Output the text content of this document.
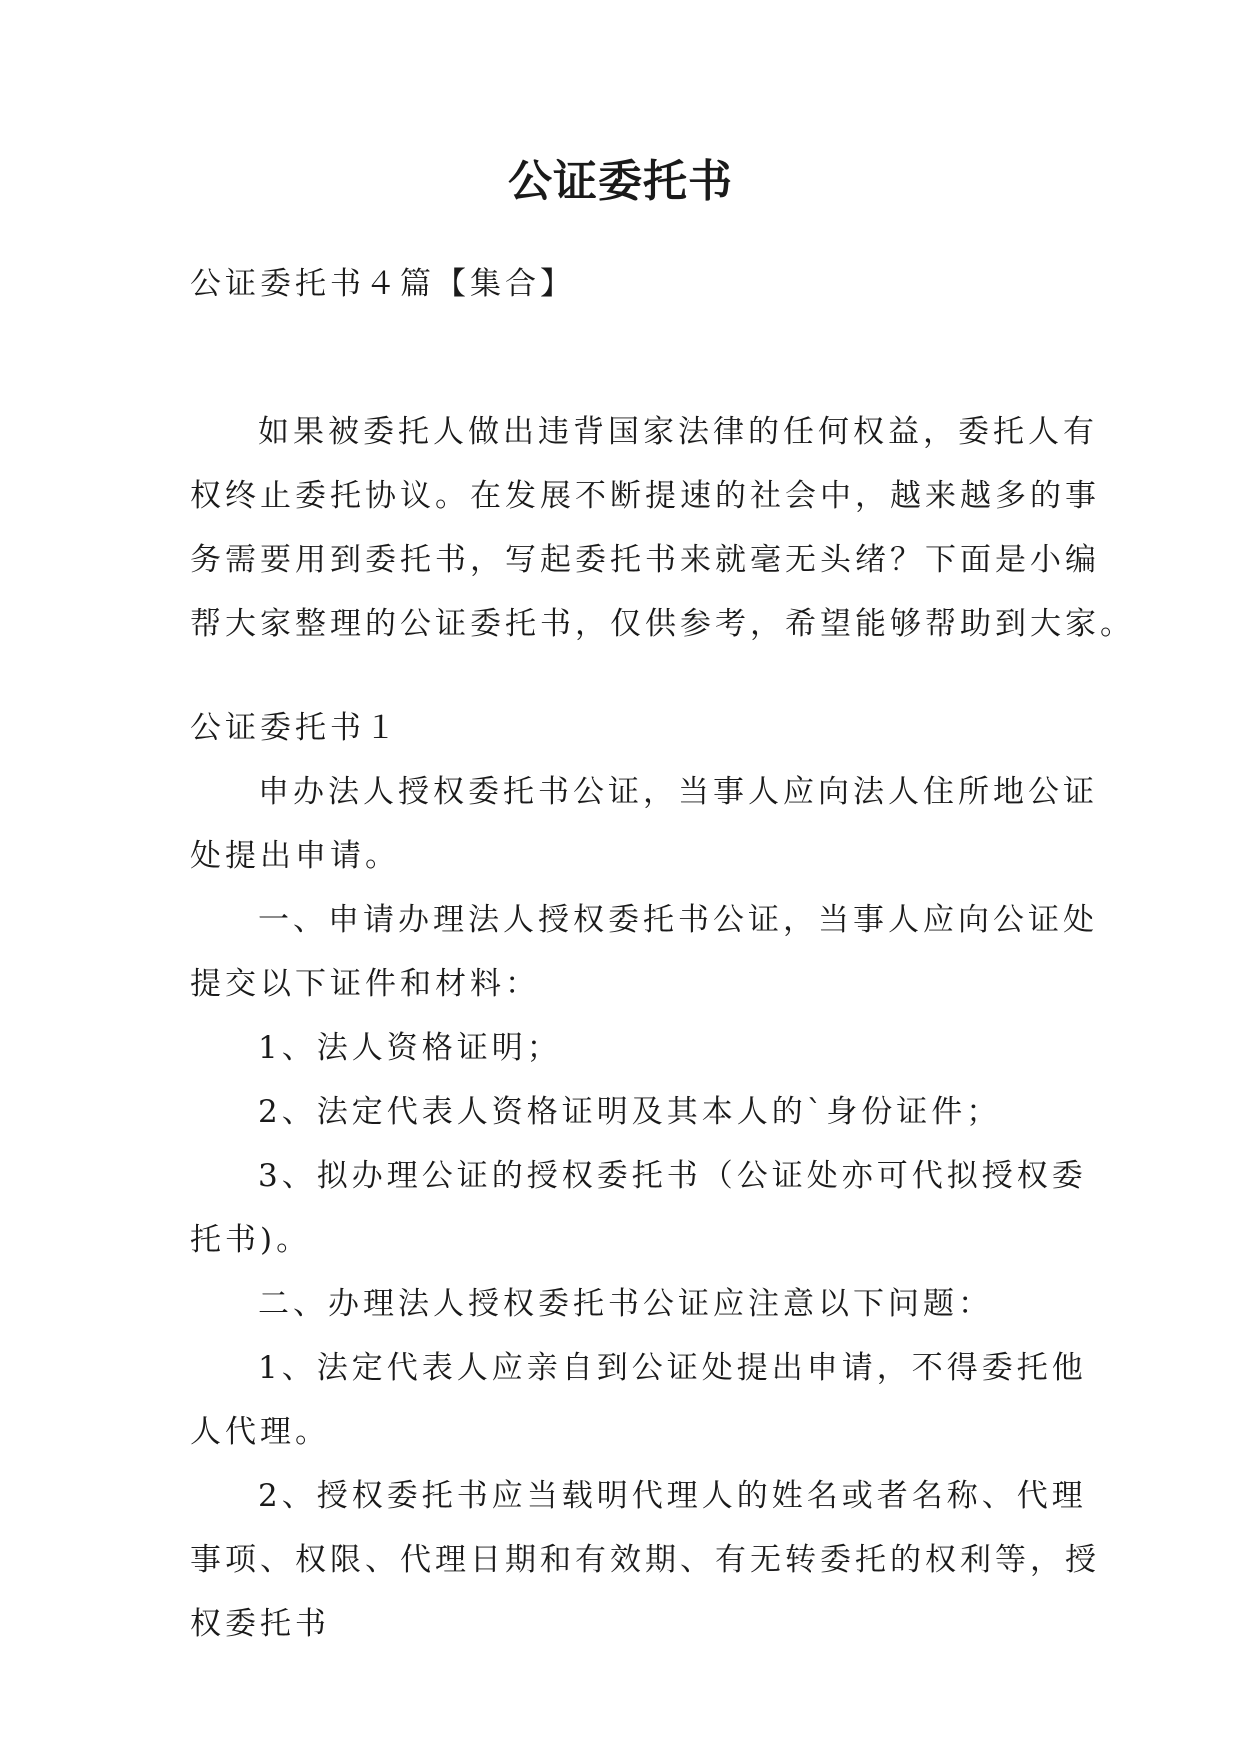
公证委托书
公证委托书４篇【集合】
如果被委托人做出违背国家法律的任何权益，委托人有
权终止委托协议。在发展不断提速的社会中，越来越多的事
务需要用到委托书，写起委托书来就毫无头绪？下面是小编
帮大家整理的公证委托书，仅供参考，希望能够帮助到大家。
公证委托书１
申办法人授权委托书公证，当事人应向法人住所地公证
处提出申请。
一、申请办理法人授权委托书公证，当事人应向公证处
提交以下证件和材料：
1、法人资格证明；
2、法定代表人资格证明及其本人的`身份证件；
3、拟办理公证的授权委托书（公证处亦可代拟授权委
托书)。
二、办理法人授权委托书公证应注意以下问题：
1、法定代表人应亲自到公证处提出申请，不得委托他
人代理。
2、授权委托书应当载明代理人的姓名或者名称、代理
事项、权限、代理日期和有效期、有无转委托的权利等，授
权委托书
